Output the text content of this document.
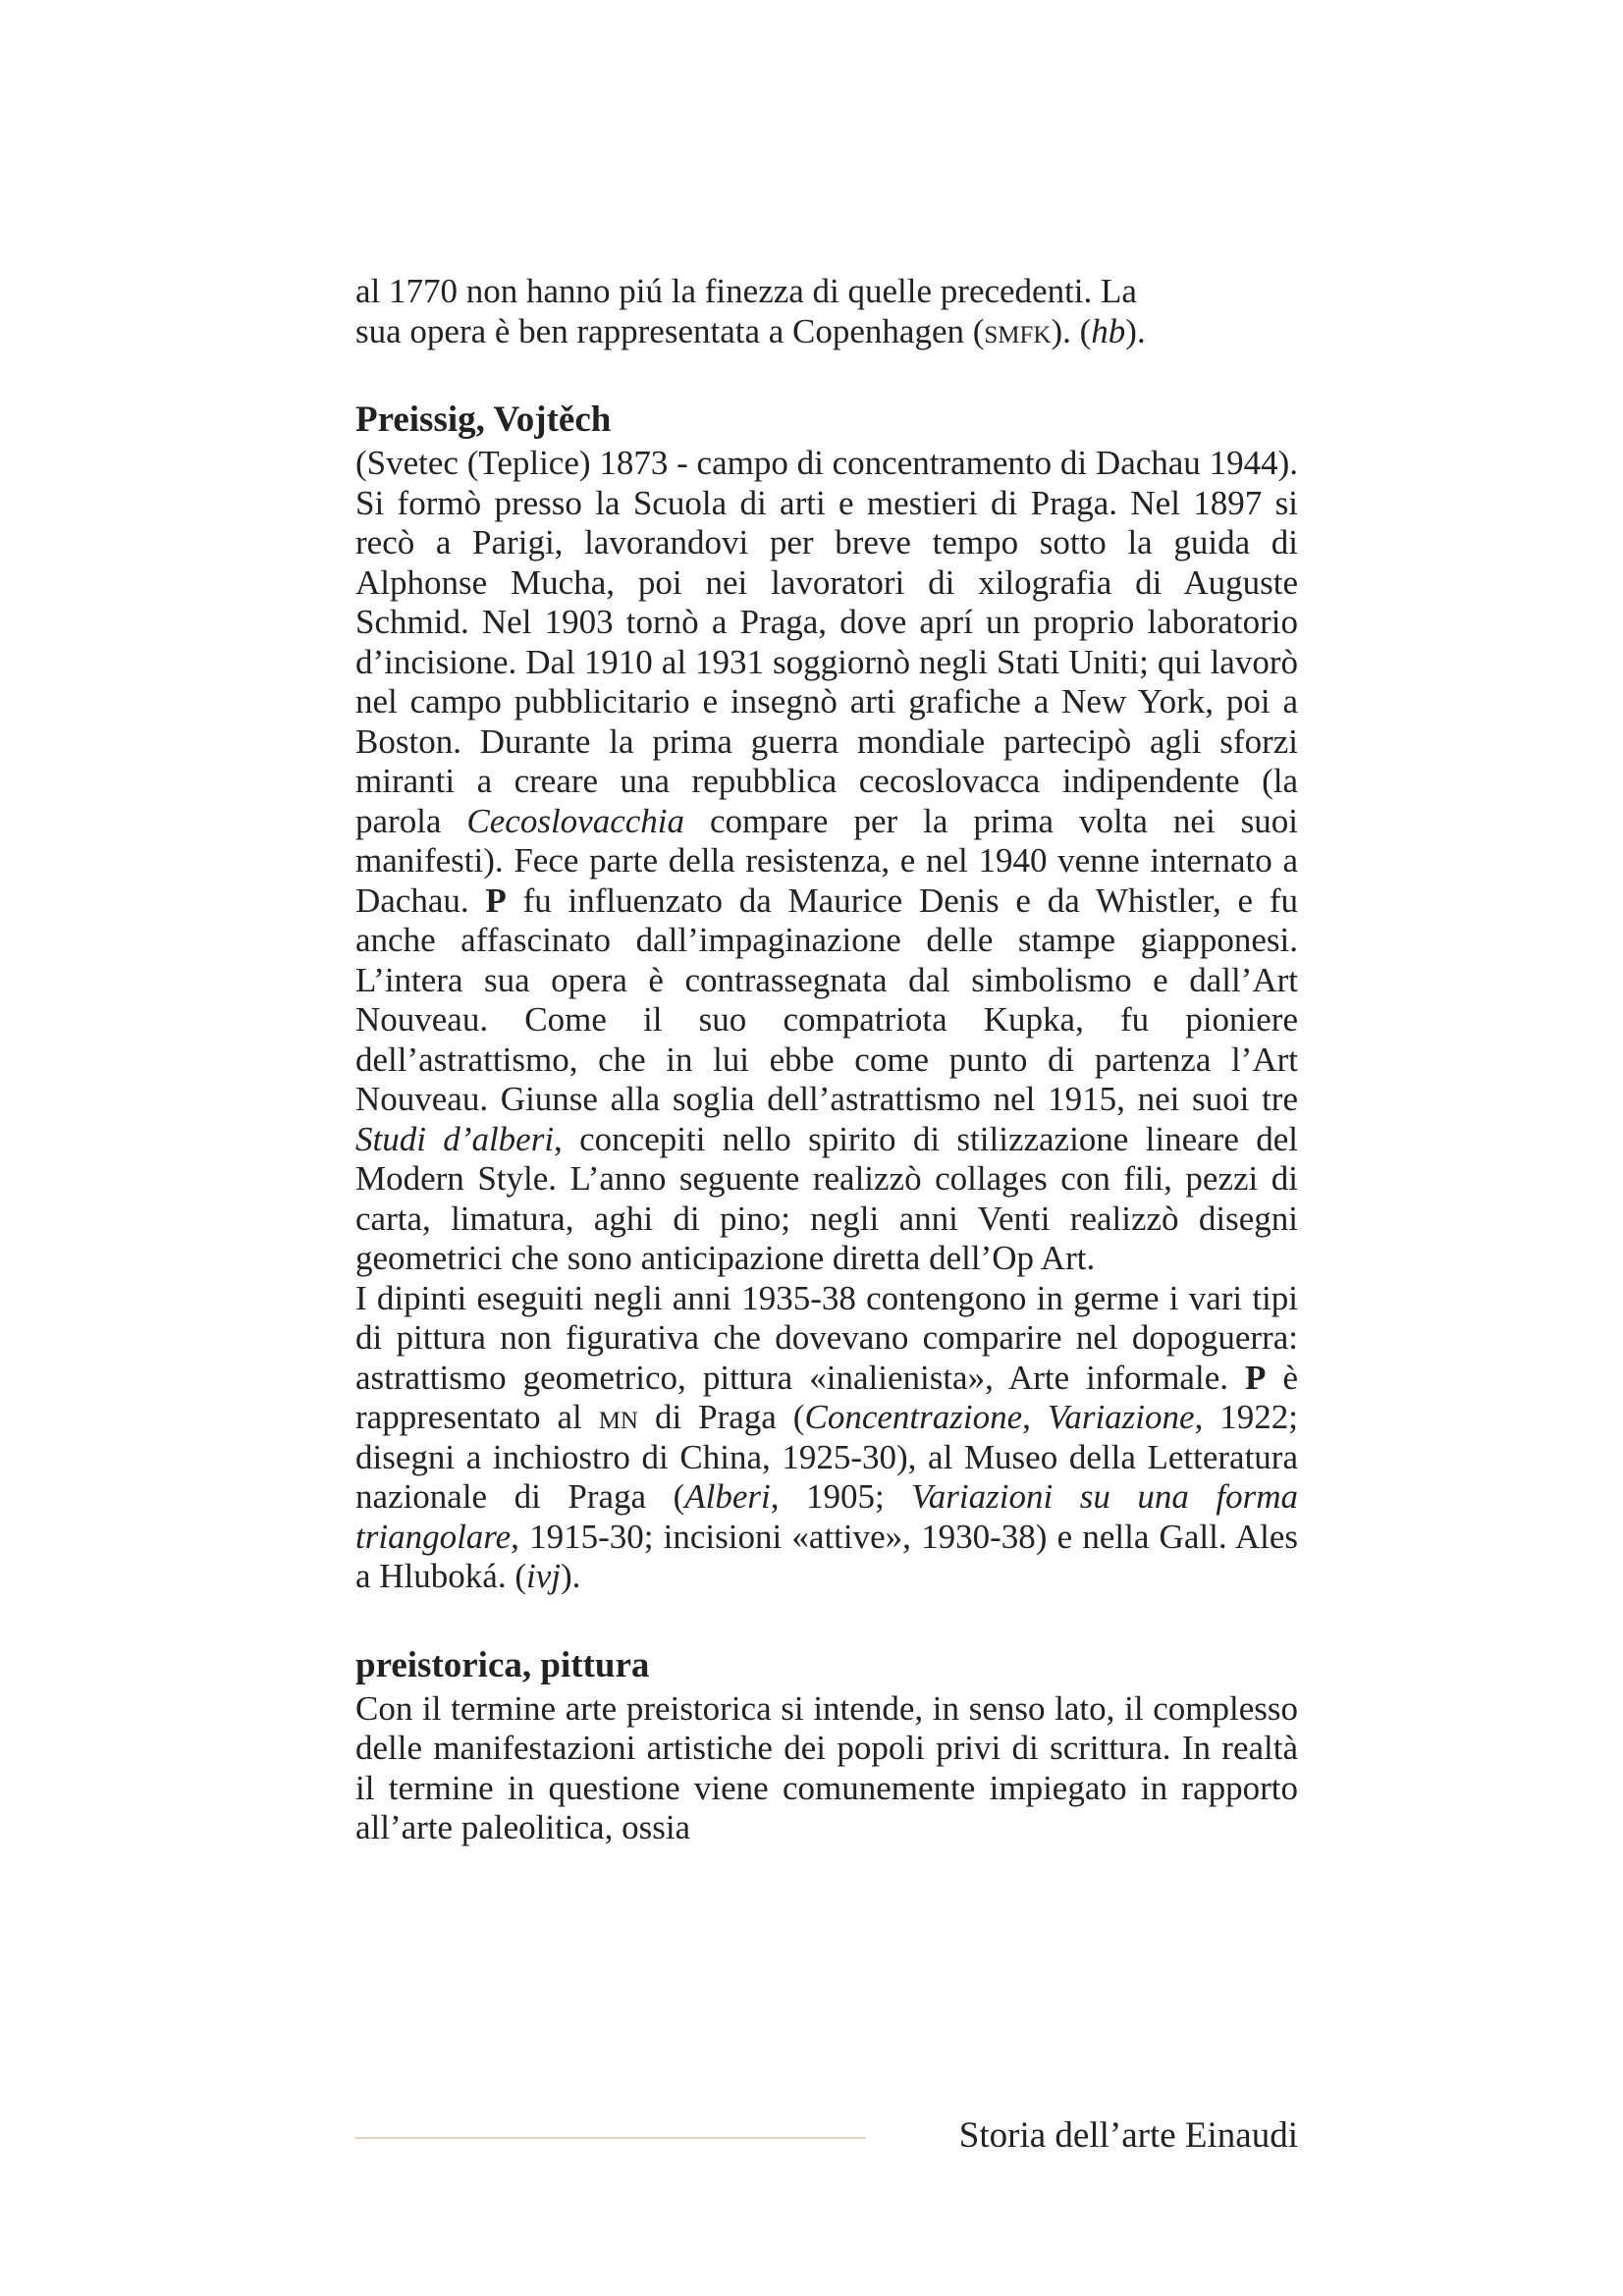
al 1770 non hanno piú la finezza di quelle precedenti. La
sua opera è ben rappresentata a Copenhagen (smfk). (hb).

Preissig, Vojtěch

(Svetec (Teplice) 1873 - campo di concentramento di Dachau 1944). Si formò presso la Scuola di arti e mestieri di Praga. Nel 1897 si recò a Parigi, lavorandovi per breve tempo sotto la guida di Alphonse Mucha, poi nei lavoratori di xilografia di Auguste Schmid. Nel 1903 tornò a Praga, dove aprí un proprio laboratorio d’incisione. Dal 1910 al 1931 soggiornò negli Stati Uniti; qui lavorò nel campo pubblicitario e insegnò arti grafiche a New York, poi a Boston. Durante la prima guerra mondiale partecipò agli sforzi miranti a creare una repubblica cecoslovacca indipendente (la parola Cecoslovacchia compare per la prima volta nei suoi manifesti). Fece parte della resistenza, e nel 1940 venne internato a Dachau. P fu influenzato da Maurice Denis e da Whistler, e fu anche affascinato dall’impaginazione delle stampe giapponesi. L’intera sua opera è contrassegnata dal simbolismo e dall’Art Nouveau. Come il suo compatriota Kupka, fu pioniere dell’astrattismo, che in lui ebbe come punto di partenza l’Art Nouveau. Giunse alla soglia dell’astrattismo nel 1915, nei suoi tre Studi d’alberi, concepiti nello spirito di stilizzazione lineare del Modern Style. L’anno seguente realizzò collages con fili, pezzi di carta, limatura, aghi di pino; negli anni Venti realizzò disegni geometrici che sono anticipazione diretta dell’Op Art.

I dipinti eseguiti negli anni 1935-38 contengono in germe i vari tipi di pittura non figurativa che dovevano comparire nel dopoguerra: astrattismo geometrico, pittura «inalienista», Arte informale. P è rappresentato al mn di Praga (Concentrazione, Variazione, 1922; disegni a inchiostro di China, 1925-30), al Museo della Letteratura nazionale di Praga (Alberi, 1905; Variazioni su una forma triangolare, 1915-30; incisioni «attive», 1930-38) e nella Gall. Ales a Hluboká. (ivj).

preistorica, pittura

Con il termine arte preistorica si intende, in senso lato, il complesso delle manifestazioni artistiche dei popoli privi di scrittura. In realtà il termine in questione viene comunemente impiegato in rapporto all’arte paleolitica, ossia

Storia dell’arte Einaudi
